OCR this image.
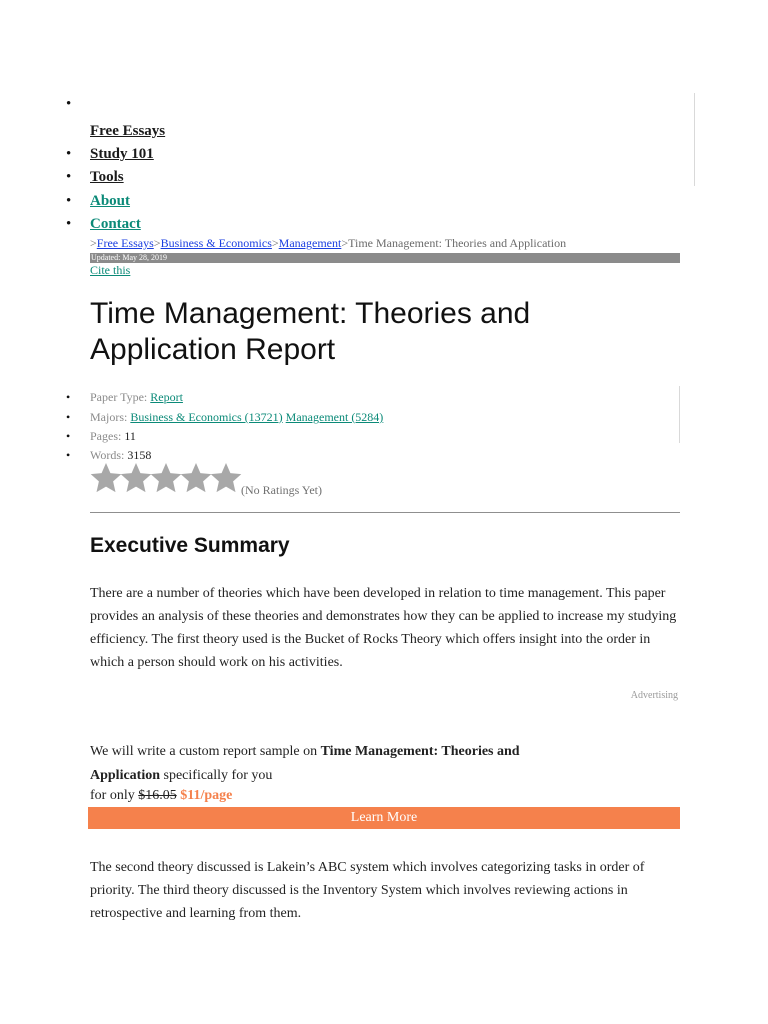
•
Free Essays
• Study 101
• Tools
• About
• Contact
>Free Essays>Business & Economics>Management>Time Management: Theories and Application
Updated: May 28, 2019
Cite this
Time Management: Theories and Application Report
• Paper Type: Report
• Majors: Business & Economics (13721) Management (5284)
• Pages: 11
• Words: 3158
(No Ratings Yet)
Executive Summary

There are a number of theories which have been developed in relation to time management. This paper provides an analysis of these theories and demonstrates how they can be applied to increase my studying efficiency. The first theory used is the Bucket of Rocks Theory which offers insight into the order in which a person should work on his activities.

Advertising
We will write a custom report sample on Time Management: Theories and Application specifically for you
for only $16.05 $11/page
Learn More

The second theory discussed is Lakein’s ABC system which involves categorizing tasks in order of priority. The third theory discussed is the Inventory System which involves reviewing actions in retrospective and learning from them.
